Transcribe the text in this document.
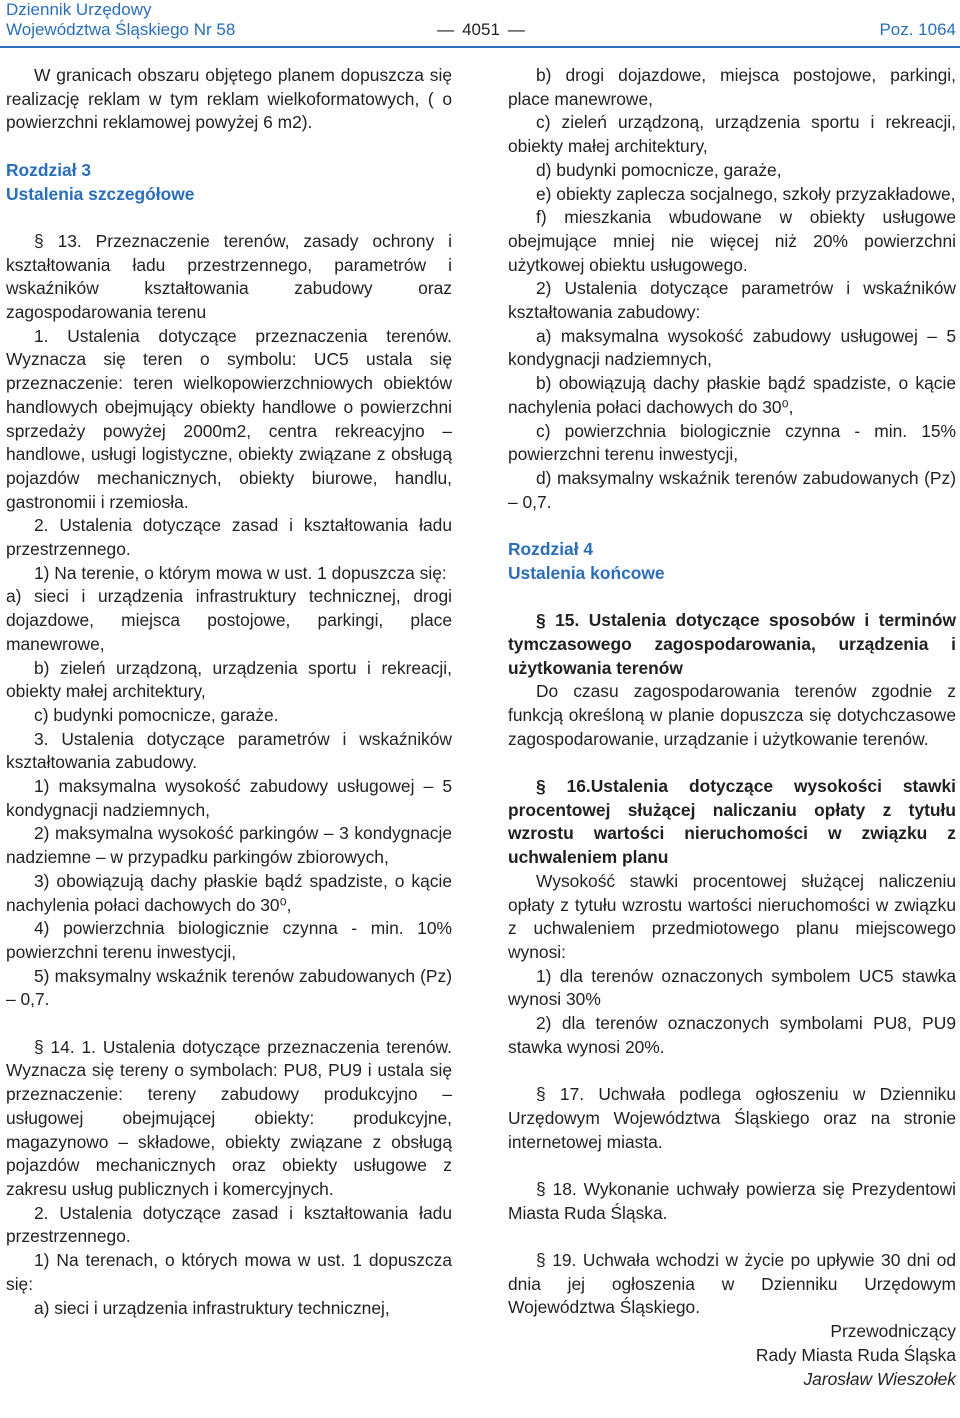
Dziennik Urzędowy
Województwa Śląskiego Nr 58
—	4051 —	Poz. 1064

W granicach obszaru objętego planem dopuszcza się realizację reklam w tym reklam wielkoformatowych, ( o powierzchni reklamowej powyżej 6 m2).

Rozdział 3

Ustalenia szczegółowe

§ 13. Przeznaczenie terenów, zasady ochrony i kształtowania ładu przestrzennego, parametrów i wskaźników kształtowania zabudowy oraz zagospodarowania terenu

1. Ustalenia dotyczące przeznaczenia terenów. Wyznacza się teren o symbolu: UC5 ustala się przeznaczenie: teren wielkopowierzchniowych obiektów handlowych obejmujący obiekty handlowe o powierzchni sprzedaży powyżej 2000m2, centra rekreacyjno – handlowe, usługi logistyczne, obiekty związane z obsługą pojazdów mechanicznych, obiekty biurowe, handlu, gastronomii i rzemiosła.

2. Ustalenia dotyczące zasad i kształtowania ładu przestrzennego.

1) Na terenie, o którym mowa w ust. 1 dopuszcza się:

a) sieci i urządzenia infrastruktury technicznej, drogi dojazdowe, miejsca postojowe, parkingi, place manewrowe,

b) zieleń urządzoną, urządzenia sportu i rekreacji, obiekty małej architektury,

c) budynki pomocnicze, garaże.

3. Ustalenia dotyczące parametrów i wskaźników kształtowania zabudowy.

1) maksymalna wysokość zabudowy usługowej – 5 kondygnacji nadziemnych,

2) maksymalna wysokość parkingów – 3 kondygnacje nadziemne – w przypadku parkingów zbiorowych,

3) obowiązują dachy płaskie bądź spadziste, o kącie nachylenia połaci dachowych do 30⁰,

4) powierzchnia biologicznie czynna - min. 10% powierzchni terenu inwestycji,

5) maksymalny wskaźnik terenów zabudowanych (Pz) – 0,7.

§ 14. 1. Ustalenia dotyczące przeznaczenia terenów. Wyznacza się tereny o symbolach: PU8, PU9 i ustala się przeznaczenie: tereny zabudowy produkcyjno – usługowej obejmującej obiekty: produkcyjne, magazynowo – składowe, obiekty związane z obsługą pojazdów mechanicznych oraz obiekty usługowe z zakresu usług publicznych i komercyjnych.

2. Ustalenia dotyczące zasad i kształtowania ładu przestrzennego.

1) Na terenach, o których mowa w ust. 1 dopuszcza się:

a) sieci i urządzenia infrastruktury technicznej,

b) drogi dojazdowe, miejsca postojowe, parkingi, place manewrowe,

c) zieleń urządzoną, urządzenia sportu i rekreacji, obiekty małej architektury,

d) budynki pomocnicze, garaże,

e) obiekty zaplecza socjalnego, szkoły przyzakładowe,

f) mieszkania wbudowane w obiekty usługowe obejmujące mniej nie więcej niż 20% powierzchni użytkowej obiektu usługowego.

2) Ustalenia dotyczące parametrów i wskaźników kształtowania zabudowy:

a) maksymalna wysokość zabudowy usługowej – 5 kondygnacji nadziemnych,

b) obowiązują dachy płaskie bądź spadziste, o kącie nachylenia połaci dachowych do 30⁰,

c) powierzchnia biologicznie czynna - min. 15% powierzchni terenu inwestycji,

d) maksymalny wskaźnik terenów zabudowanych (Pz) – 0,7.

Rozdział 4

Ustalenia końcowe

§ 15. Ustalenia dotyczące sposobów i terminów tymczasowego zagospodarowania, urządzenia i użytkowania terenów

Do czasu zagospodarowania terenów zgodnie z funkcją określoną w planie dopuszcza się dotychczasowe zagospodarowanie, urządzanie i użytkowanie terenów.

§ 16.Ustalenia dotyczące wysokości stawki procentowej służącej naliczaniu opłaty z tytułu wzrostu wartości nieruchomości w związku z uchwaleniem planu

Wysokość stawki procentowej służącej naliczeniu opłaty z tytułu wzrostu wartości nieruchomości w związku z uchwaleniem przedmiotowego planu miejscowego wynosi:

1) dla terenów oznaczonych symbolem UC5 stawka wynosi 30%

2) dla terenów oznaczonych symbolami PU8, PU9 stawka wynosi 20%.

§ 17. Uchwała podlega ogłoszeniu w Dzienniku Urzędowym Województwa Śląskiego oraz na stronie internetowej miasta.

§ 18. Wykonanie uchwały powierza się Prezydentowi Miasta Ruda Śląska.

§ 19. Uchwała wchodzi w życie po upływie 30 dni od dnia jej ogłoszenia w Dzienniku Urzędowym Województwa Śląskiego.

Przewodniczący

Rady Miasta Ruda Śląska

Jarosław Wieszołek
